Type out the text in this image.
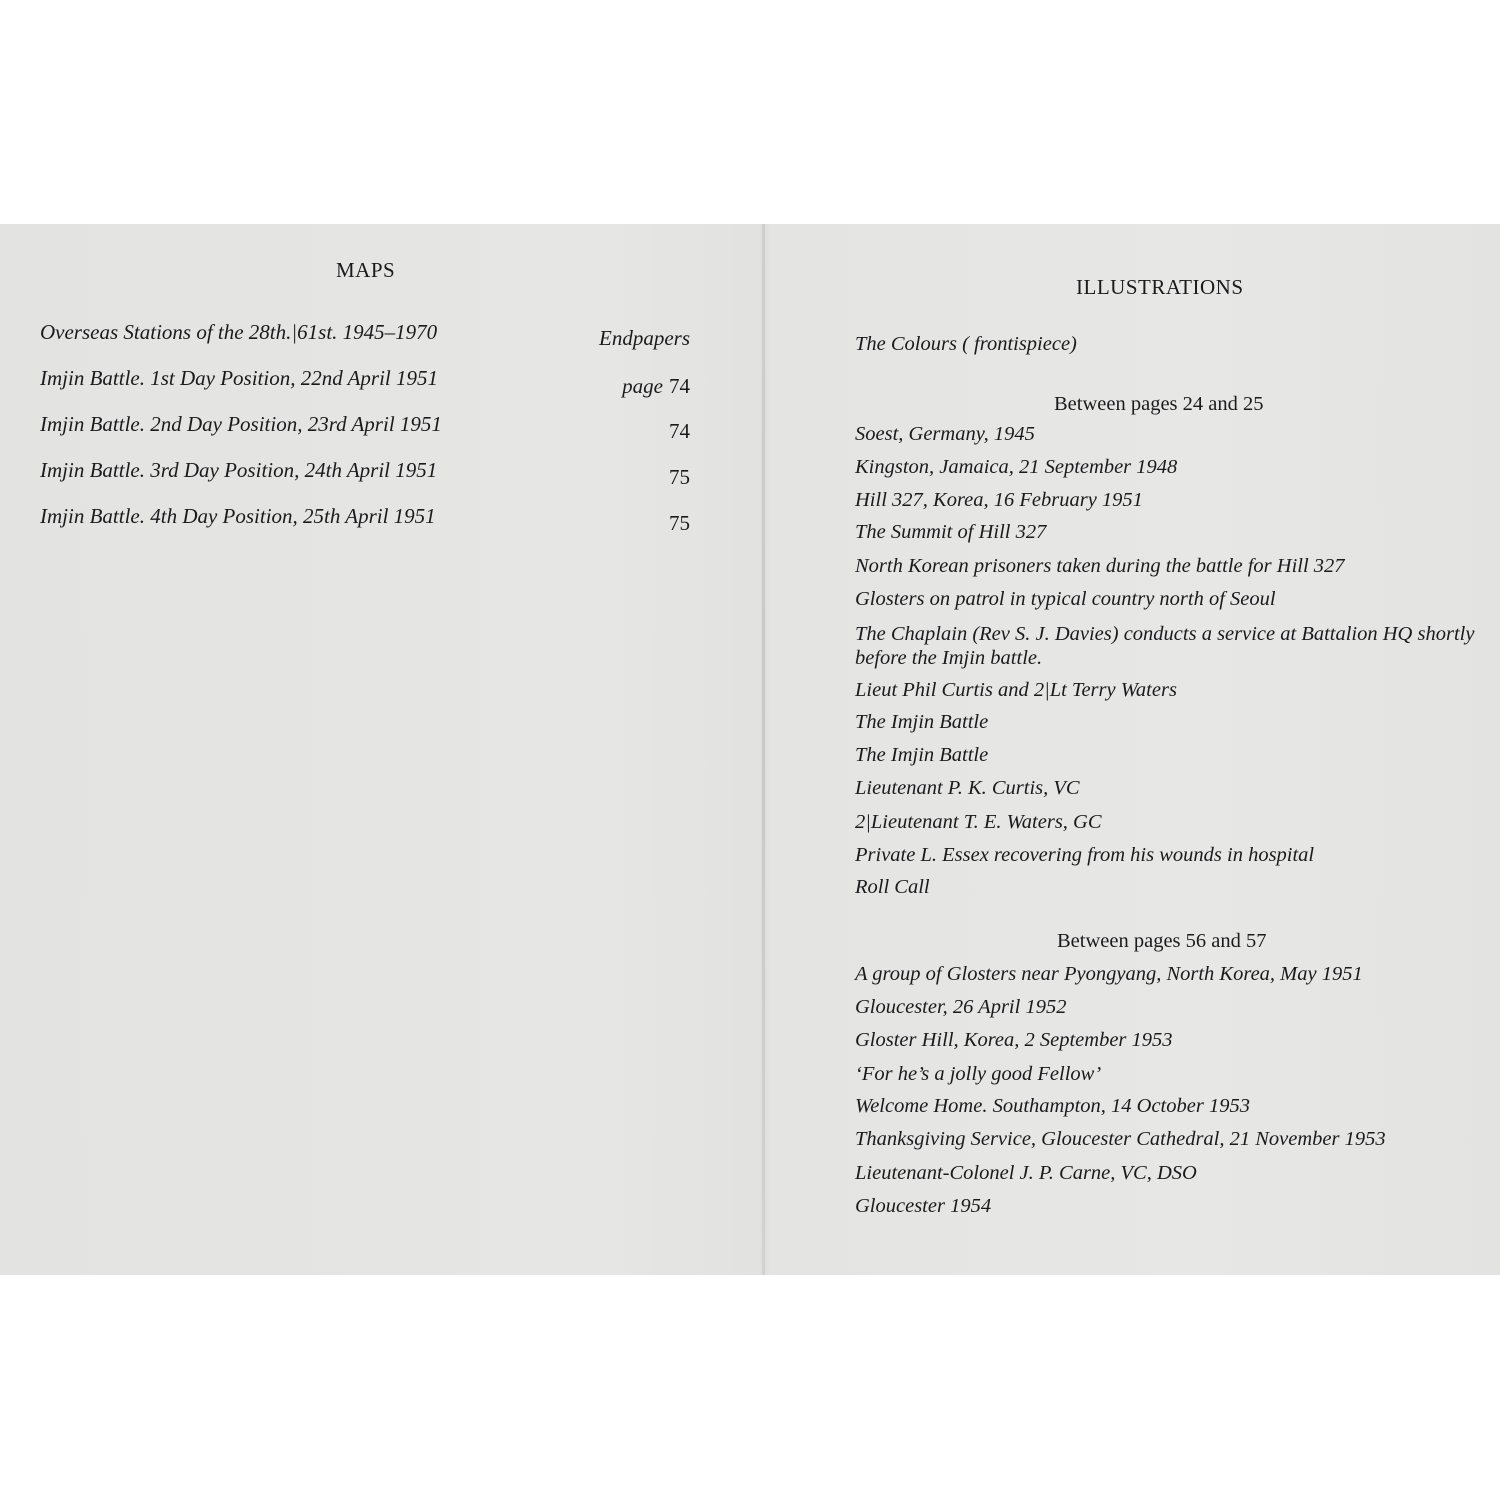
MAPS
Overseas Stations of the 28th.|61st. 1945–1970	Endpapers
Imjin Battle. 1st Day Position, 22nd April 1951	page 74
Imjin Battle. 2nd Day Position, 23rd April 1951	74
Imjin Battle. 3rd Day Position, 24th April 1951	75
Imjin Battle. 4th Day Position, 25th April 1951	75
ILLUSTRATIONS
The Colours ( frontispiece)
Between pages 24 and 25
Soest, Germany, 1945
Kingston, Jamaica, 21 September 1948
Hill 327, Korea, 16 February 1951
The Summit of Hill 327
North Korean prisoners taken during the battle for Hill 327
Glosters on patrol in typical country north of Seoul
The Chaplain (Rev S. J. Davies) conducts a service at Battalion HQ shortly before the Imjin battle.
Lieut Phil Curtis and 2|Lt Terry Waters
The Imjin Battle
The Imjin Battle
Lieutenant P. K. Curtis, VC
2|Lieutenant T. E. Waters, GC
Private L. Essex recovering from his wounds in hospital
Roll Call
Between pages 56 and 57
A group of Glosters near Pyongyang, North Korea, May 1951
Gloucester, 26 April 1952
Gloster Hill, Korea, 2 September 1953
‘For he’s a jolly good Fellow’
Welcome Home. Southampton, 14 October 1953
Thanksgiving Service, Gloucester Cathedral, 21 November 1953
Lieutenant-Colonel J. P. Carne, VC, DSO
Gloucester 1954
